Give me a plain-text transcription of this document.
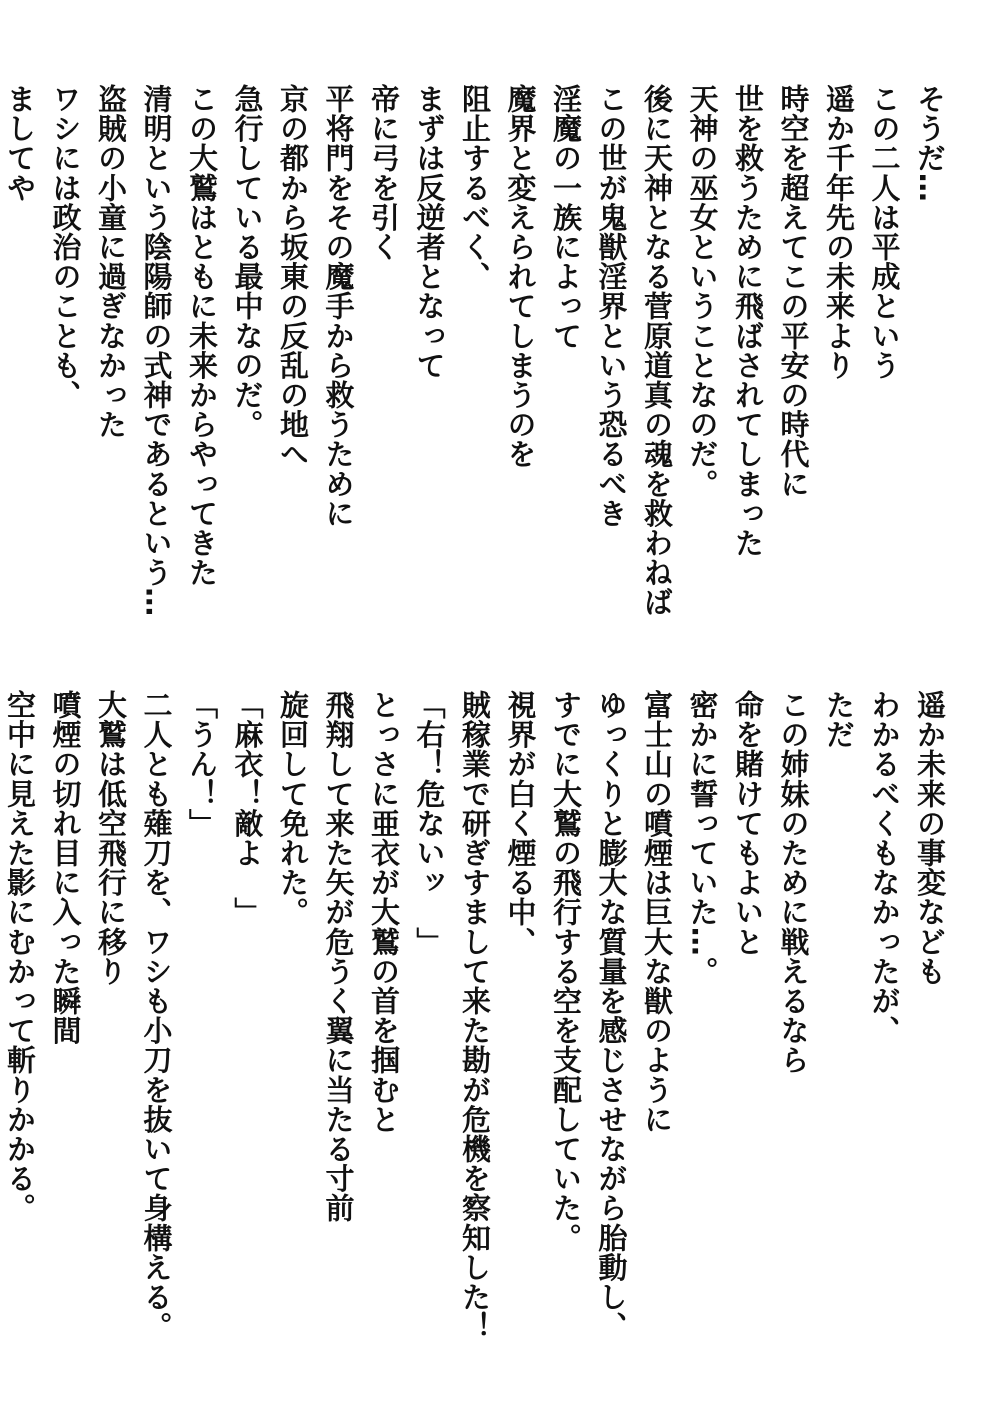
そうだ…
この二人は平成という
遥か千年先の未来より
時空を超えてこの平安の時代に
世を救うために飛ばされてしまった
天神の巫女ということなのだ。
後に天神となる菅原道真の魂を救わねば
この世が鬼獣淫界という恐るべき
淫魔の一族によって
魔界と変えられてしまうのを
阻止するべく、
まずは反逆者となって
帝に弓を引く
平将門をその魔手から救うために
京の都から坂東の反乱の地へ
急行している最中なのだ。
この大鷲はともに未来からやってきた
清明という陰陽師の式神であるという…
盗賊の小童に過ぎなかった
ワシには政治のことも、
ましてや
遥か未来の事変なども
わかるべくもなかったが、
ただ
この姉妹のために戦えるなら
命を賭けてもよいと
密かに誓っていた…。
富士山の噴煙は巨大な獣のように
ゆっくりと膨大な質量を感じさせながら胎動し、
すでに大鷲の飛行する空を支配していた。
視界が白く煙る中、
賊稼業で研ぎすまして来た勘が危機を察知した！
「右！危ないッ　」
とっさに亜衣が大鷲の首を掴むと
飛翔して来た矢が危うく翼に当たる寸前
旋回して免れた。
「麻衣！敵よ　」
「うん！」
二人とも薙刀を、ワシも小刀を抜いて身構える。
大鷲は低空飛行に移り
噴煙の切れ目に入った瞬間
空中に見えた影にむかって斬りかかる。
